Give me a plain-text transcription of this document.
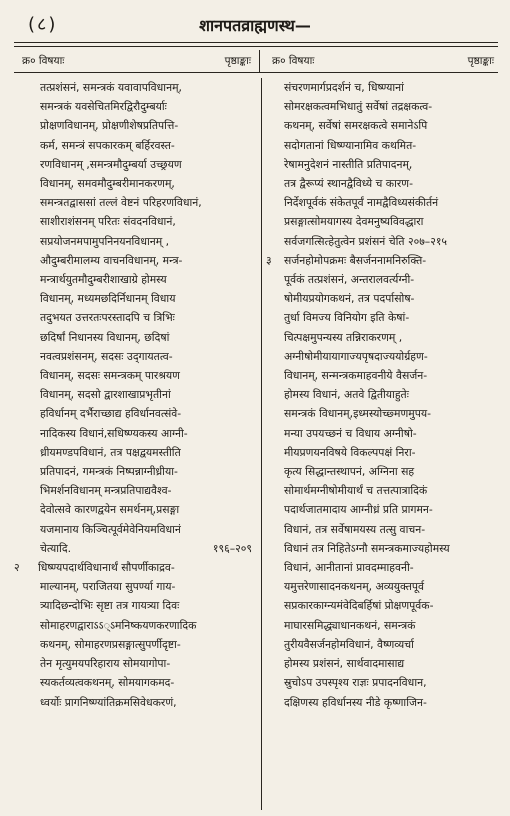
(८)	शानपतव्राह्मणस्थ—
क्र० विषयाः	पृष्ठाङ्काः क्र० विषयाः	पृष्ठाङ्काः
तत्प्रशंसनं, समन्त्रकं यवावापविधानम्,
समन्त्रकं यवसेचितमिरद्विरौदुम्बर्याः
प्रोक्षणविधानम्, प्रोक्षणीशेषप्रतिपत्ति-
कर्म, समन्त्रं सपकारकम् बर्हिरवस्त-
रणविधानम् ,समन्त्रमौदुम्बर्या उच्छ्रयण
विधानम्, समवमौदुम्बरीमानकरणम्,
समन्त्रतद्वाससां तल्लं वेष्टनं परिहरणविधानं,
साशीराशंसनम् परितः संवदनविधानं,
सप्रयोजनमपामुपनिनयनविधानम् ,
औदुम्बरीमालम्य वाचनविधानम्, मन्त्र-
मन्त्रार्थयुतमौदुम्बरीशाखाग्रे होमस्य
विधानम्, मध्यमछदिर्निधानम् विधाय
तदुभयत उत्तरतःपरस्तादपि च त्रिभिः
छदिर्षां निधानस्य विधानम्, छदिषां
नवत्वप्रशंसनम्, सदसः उद्‌गायतत्व-
विधानम्, सदसः समन्त्रकम् पारश्रयण
विधानम्, सदसो द्वारशाखाप्रभृतीनां
हविर्धानम् दर्भैराच्छाद्य हविर्धानवत्संवे-
नादिकस्य विधानं,सधिष्ण्यकस्य आग्नी-
ध्रीयमण्डपविधानं, तत्र पक्षद्वयमस्तीति
प्रतिपादनं, गमन्त्रकं निष्पन्नाग्नीध्रीया-
भिमर्शनविधानम् मन्त्रप्रतिपाद्यवैश्व-
देवोत्सवे कारणद्वयेन समर्थनम्,प्रसङ्गा
यजमानाय किञ्चित्पूर्वमेवेनियमविधानं
चेत्यादि.	१९६–२०९
२ धिष्ण्यपदार्थविधानार्थं सौपर्णीकाद्रव-
माल्यानम्, पराजितया सुपर्ण्या गाय-
त्र्यादिछन्दोभिः सृष्टा तत्र गायत्र्या दिवः
सोमाहरणद्वाराऽऽ्ऽमनिष्कयणकरणादिक
कथनम्, सोमाहरणप्रसङ्गात्सुपर्णीदृष्टा-
तेन मृत्युमयपरिहाराय सोमयागोपा-
स्यकर्तव्यत्वकथनम्, सोमयागकमद-
ध्वर्योः प्रागनिष्ण्यांतिक्रमसिवेधकरणं,
संचरणमार्गप्रदर्शनं च, धिष्ण्यानां
सोमरक्षकत्वमभिधातुं सर्वेषां तद्रक्षकत्व-
कथनम्, सर्वेषां समरक्षकत्वे समानेऽपि
सदोगतानां धिष्ण्यानामिव कथमित-
रेषामनुदेशनं नास्तीति प्रतिपादनम्,
तत्र द्वैरूप्यं स्थानद्वैविध्ये च कारण-
निर्देशपूर्वकं संकेतपूर्वं नामद्वैविध्यसंकीर्तनं
प्रसङ्गात्सोमयागस्य देवमनुष्यविवद्धारा
सर्वजगत्सित्हेतुत्वेन प्रशंसनं चेति २०७–२१५
३ सर्जनहोमोपक्रमः बैसर्जननामनिरुक्ति-
पूर्वकं तत्प्रशंसनं, अन्तरालवर्त्यग्नी-
षोमीयप्रयोगकथनं, तत्र पदर्पासोष-
तुर्धा विमज्य विनियोग इति केषां-
चित्पक्षमुपन्यस्य तन्निराकरणम् ,
अग्नीषोमीयायागाज्यपृषदाज्ययोर्ग्रहण-
विधानम्, सन्मन्त्रकमाहवनीये वैसर्जन-
होमस्य विधानं, अतवे द्वितीयाहुतेः
समन्त्रकं विधानम्,इध्मस्योच्छ्मणमुपय-
मन्या उपयच्छनं च विधाय अग्नीषो-
मीयप्रणयनविषये विकल्पपक्षं निरा-
कृत्य सिद्धान्तस्थापनं, अग्निना सह
सोमार्थमग्नीषोमीयार्थं च तत्तत्पात्रादिकं
पदार्थजातमादाय आग्नीध्रं प्रति प्रागमन-
विधानं, तत्र सर्वेषामयस्य तत्सु वाचन-
विधानं तत्र निहितेऽग्नौ समन्त्रकमाज्यहोमस्य
विधानं, आनीतानां प्रावदम्माहवनी-
यमुत्तरेणासादनकथनम्, अव्ययुक्तपूर्व
सप्रकारकाग्न्यमंवेदिबर्हिषां प्रोक्षणपूर्वक-
माघारसमिद्ध्याधानकथनं, समन्त्रकं
तुरीयवैसर्जनहोमविधानं, वैष्णव्यर्चा
होमस्य प्रशंसनं, सार्थवादमासाद्य
स्रुचोऽप उपस्पृश्य राज्ञः प्रपादनविधान,
दक्षिणस्य हविर्धानस्य नीडे कृष्णाजिन-
